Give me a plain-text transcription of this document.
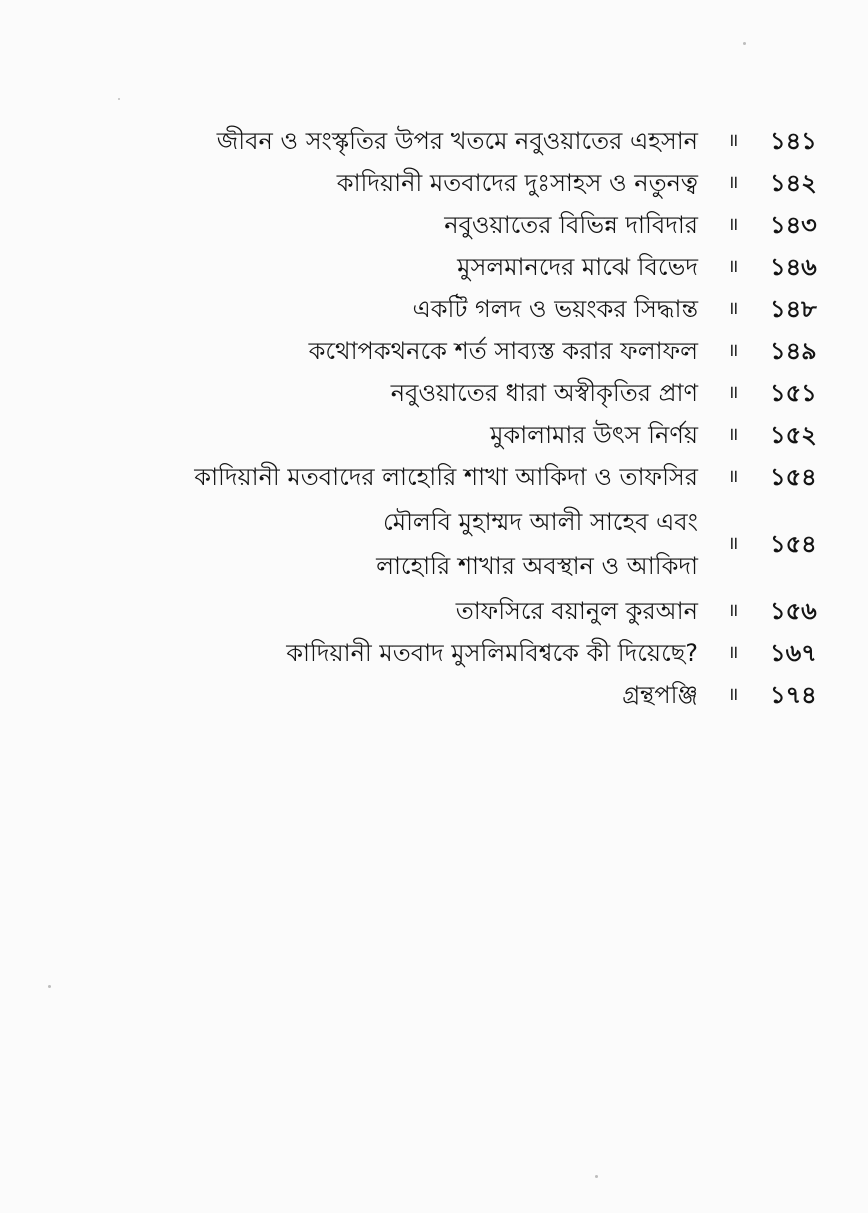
জীবন ও সংস্কৃতির উপর খতমে নবুওয়াতের এহসান ॥ ১৪১
কাদিয়ানী মতবাদের দুঃসাহস ও নতুনত্ব ॥ ১৪২
নবুওয়াতের বিভিন্ন দাবিদার ॥ ১৪৩
মুসলমানদের মাঝে বিভেদ ॥ ১৪৬
একটি গলদ ও ভয়ংকর সিদ্ধান্ত ॥ ১৪৮
কথোপকথনকে শর্ত সাব্যস্ত করার ফলাফল ॥ ১৪৯
নবুওয়াতের ধারা অস্বীকৃতির প্রাণ ॥ ১৫১
মুকালামার উৎস নির্ণয় ॥ ১৫২
কাদিয়ানী মতবাদের লাহোরি শাখা আকিদা ও তাফসির ॥ ১৫৪
মৌলবি মুহাম্মদ আলী সাহেব এবং
লাহোরি শাখার অবস্থান ও আকিদা
॥ ১৫৪
তাফসিরে বয়ানুল কুরআন ॥ ১৫৬
কাদিয়ানী মতবাদ মুসলিমবিশ্বকে কী দিয়েছে? ॥ ১৬৭
গ্রন্থপঞ্জি ॥ ১৭৪
